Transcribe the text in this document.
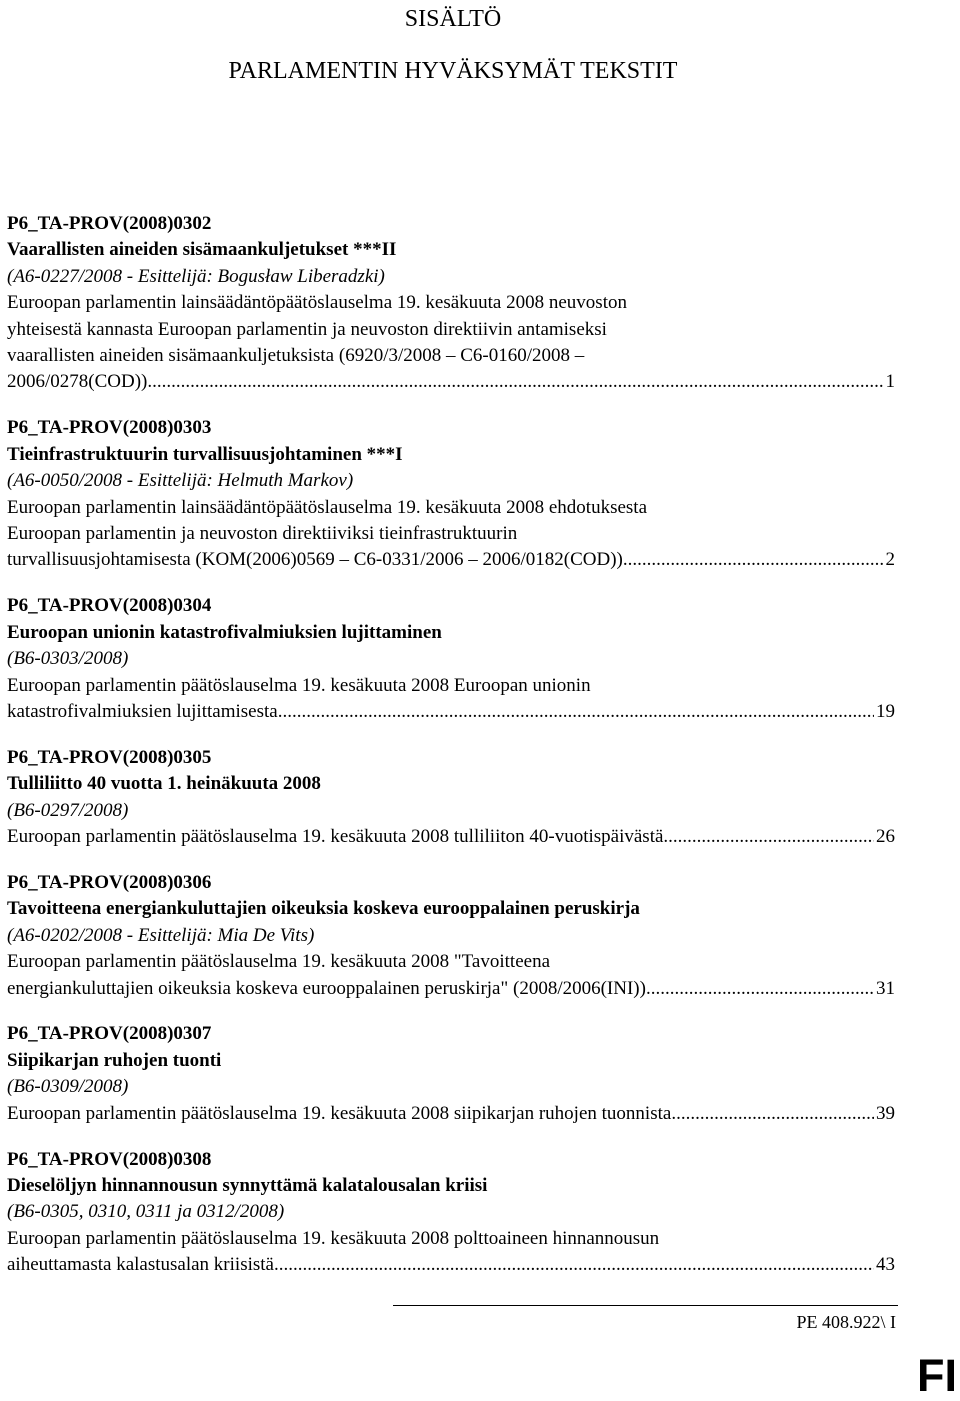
SISÄLTÖ
PARLAMENTIN HYVÄKSYMÄT TEKSTIT
P6_TA-PROV(2008)0302
Vaarallisten aineiden sisämaankuljetukset ***II
(A6-0227/2008 - Esittelijä: Bogusław Liberadzki)
Euroopan parlamentin lainsäädäntöpäätöslauselma 19. kesäkuuta 2008 neuvoston
yhteisestä kannasta Euroopan parlamentin ja neuvoston direktiivin antamiseksi
vaarallisten aineiden sisämaankuljetuksista (6920/3/2008 – C6-0160/2008 –
2006/0278(COD)) .....	1
P6_TA-PROV(2008)0303
Tieinfrastruktuurin turvallisuusjohtaminen ***I
(A6-0050/2008 - Esittelijä: Helmuth Markov)
Euroopan parlamentin lainsäädäntöpäätöslauselma 19. kesäkuuta 2008 ehdotuksesta
Euroopan parlamentin ja neuvoston direktiiviksi tieinfrastruktuurin
turvallisuusjohtamisesta (KOM(2006)0569 – C6-0331/2006 – 2006/0182(COD)) .....	2
P6_TA-PROV(2008)0304
Euroopan unionin katastrofivalmiuksien lujittaminen
(B6-0303/2008)
Euroopan parlamentin päätöslauselma 19. kesäkuuta 2008 Euroopan unionin
katastrofivalmiuksien lujittamisesta .....	19
P6_TA-PROV(2008)0305
Tulliliitto 40 vuotta 1. heinäkuuta 2008
(B6-0297/2008)
Euroopan parlamentin päätöslauselma 19. kesäkuuta 2008 tulliliiton 40-vuotispäivästä .....	26
P6_TA-PROV(2008)0306
Tavoitteena energiankuluttajien oikeuksia koskeva eurooppalainen peruskirja
(A6-0202/2008 - Esittelijä: Mia De Vits)
Euroopan parlamentin päätöslauselma 19. kesäkuuta 2008 "Tavoitteena
energiankuluttajien oikeuksia koskeva eurooppalainen peruskirja" (2008/2006(INI)) .....	31
P6_TA-PROV(2008)0307
Siipikarjan ruhojen tuonti
(B6-0309/2008)
Euroopan parlamentin päätöslauselma 19. kesäkuuta 2008 siipikarjan ruhojen tuonnista .....	39
P6_TA-PROV(2008)0308
Dieselöljyn hinnannousun synnyttämä kalatalousalan kriisi
(B6-0305, 0310, 0311 ja 0312/2008)
Euroopan parlamentin päätöslauselma 19. kesäkuuta 2008 polttoaineen hinnannousun
aiheuttamasta kalastusalan kriisistä .....	43
PE 408.922\ I
FI
